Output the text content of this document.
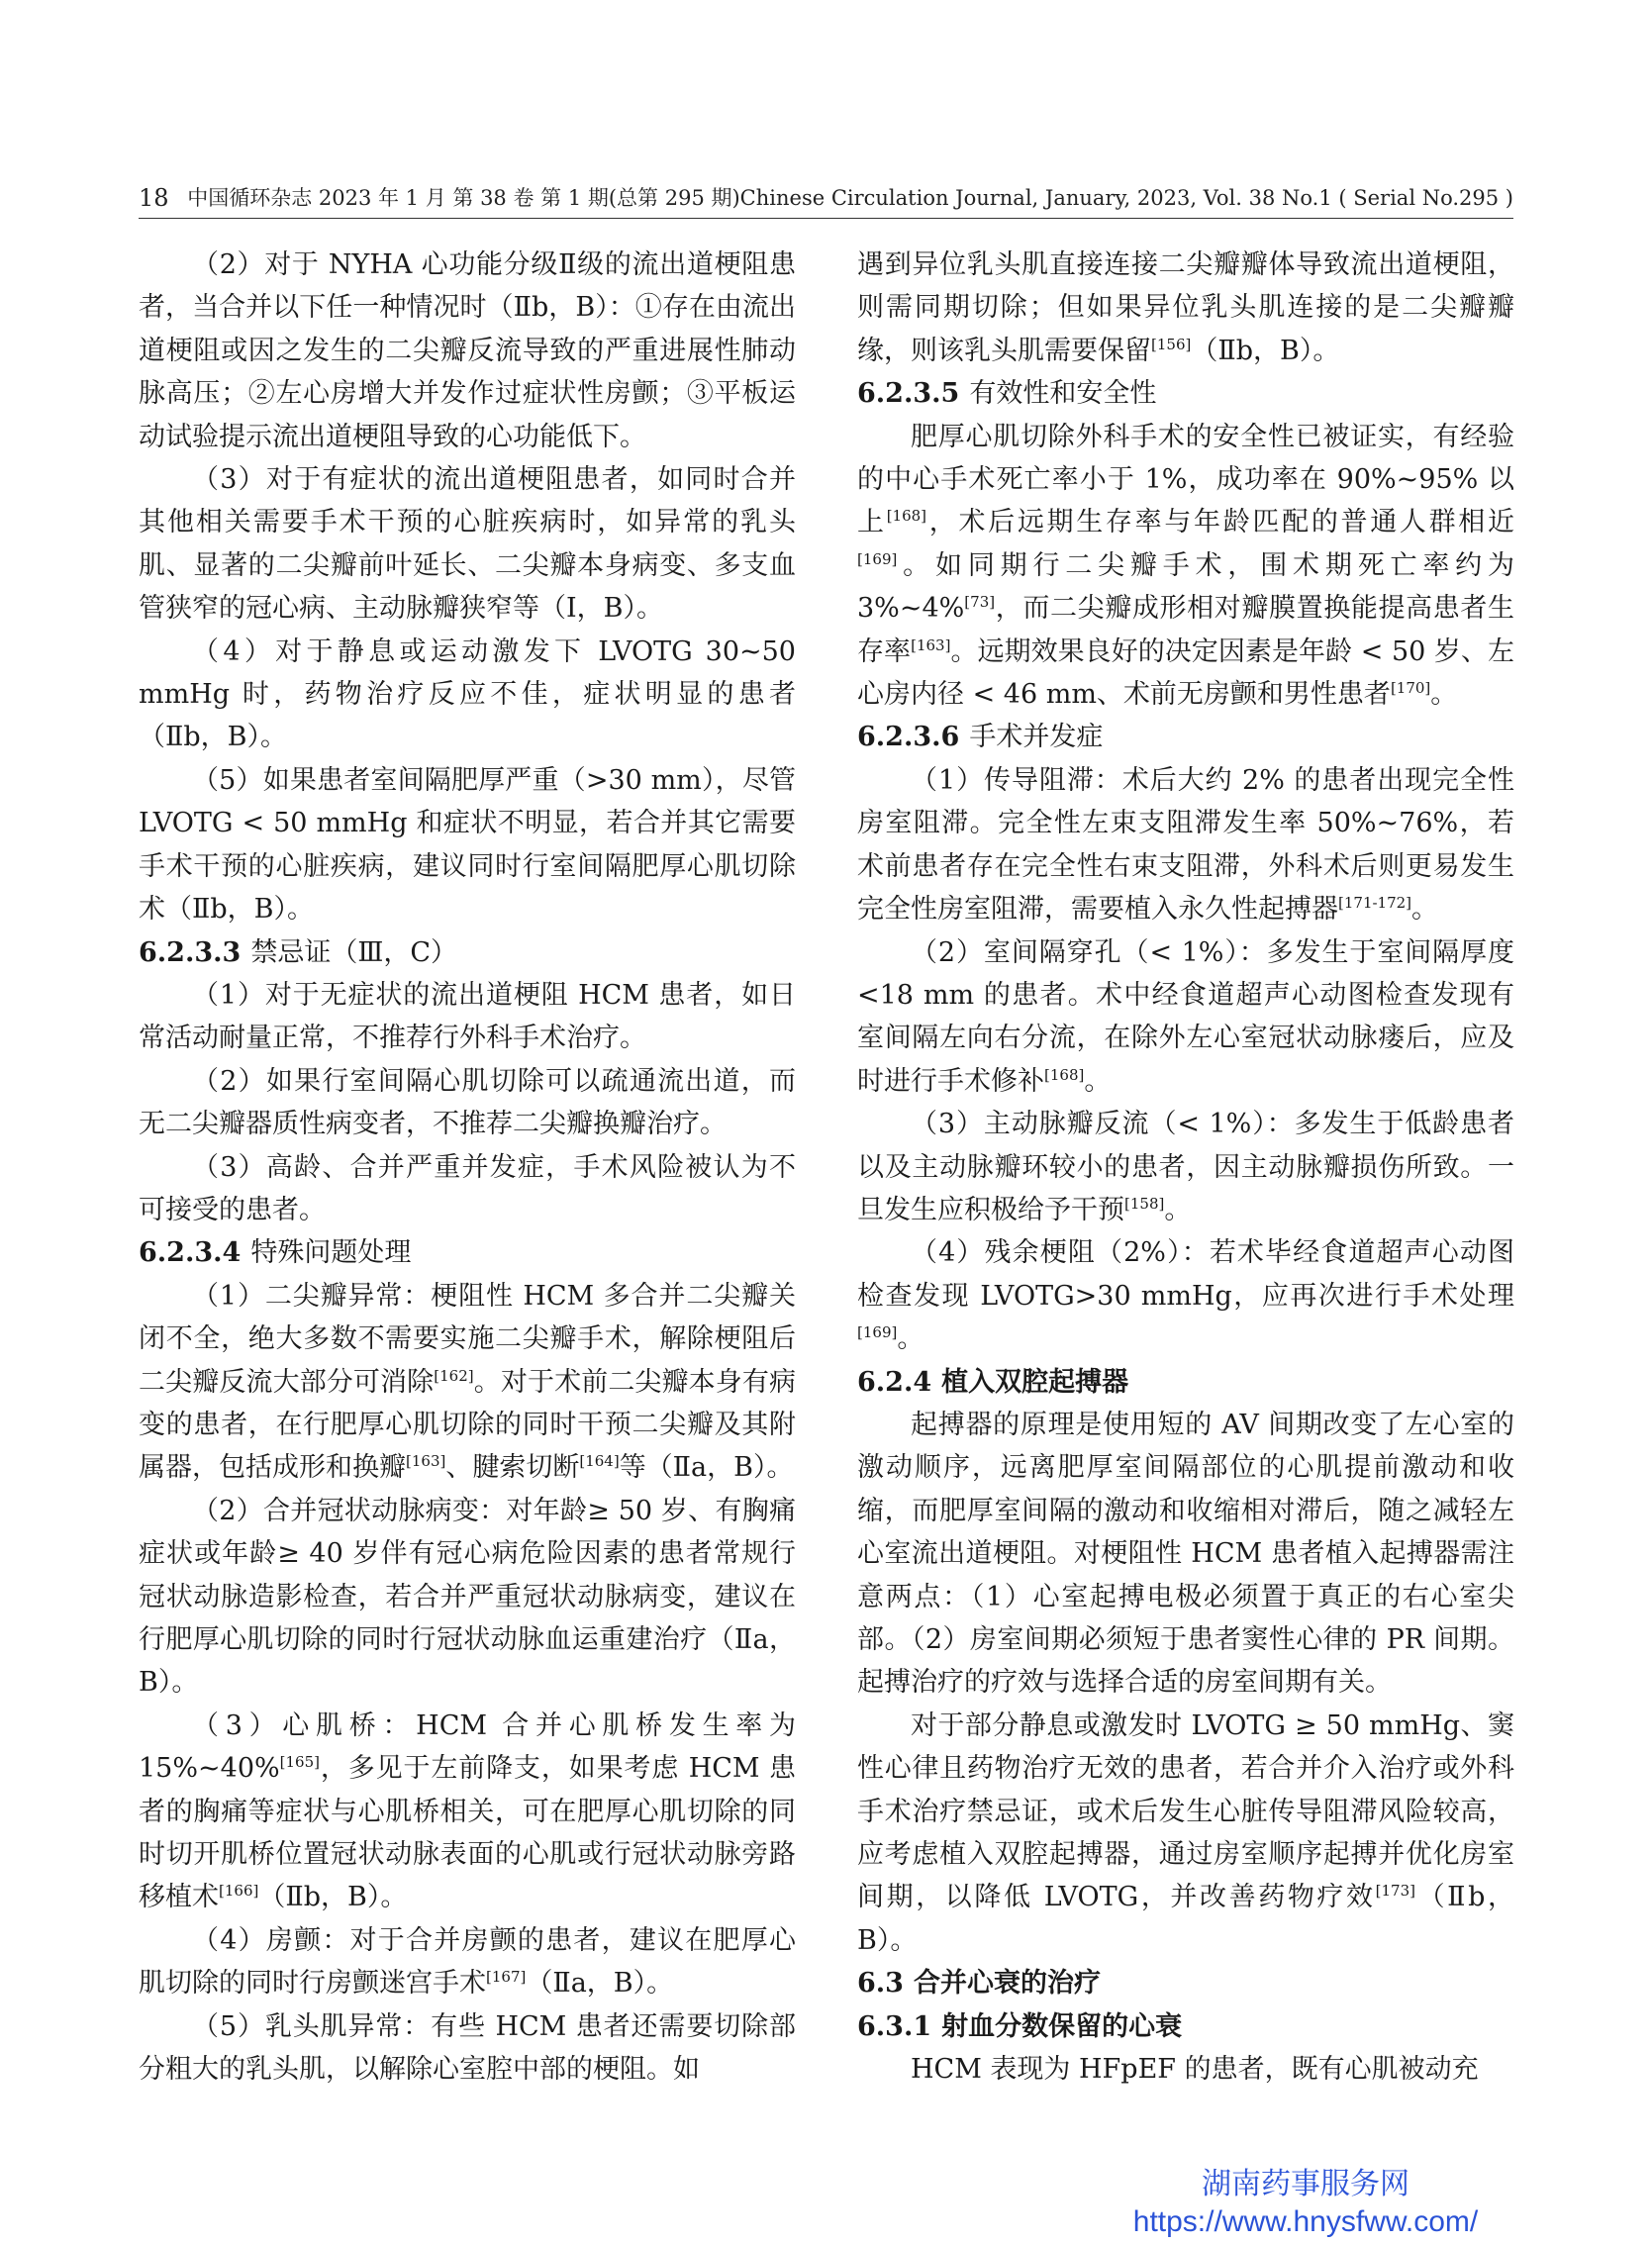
18 中国循环杂志 2023 年 1 月 第 38 卷 第 1 期(总第 295 期)Chinese Circulation Journal, January, 2023, Vol. 38 No.1 ( Serial No.295 )

（2）对于 NYHA 心功能分级Ⅱ级的流出道梗阻患者，当合并以下任一种情况时（Ⅱb，B）：①存在由流出道梗阻或因之发生的二尖瓣反流导致的严重进展性肺动脉高压；②左心房增大并发作过症状性房颤；③平板运动试验提示流出道梗阻导致的心功能低下。

（3）对于有症状的流出道梗阻患者，如同时合并其他相关需要手术干预的心脏疾病时，如异常的乳头肌、显著的二尖瓣前叶延长、二尖瓣本身病变、多支血管狭窄的冠心病、主动脉瓣狭窄等（Ⅰ，B）。

（4）对于静息或运动激发下 LVOTG 30~50 mmHg 时，药物治疗反应不佳，症状明显的患者（Ⅱb，B）。

（5）如果患者室间隔肥厚严重（>30 mm），尽管 LVOTG < 50 mmHg 和症状不明显，若合并其它需要手术干预的心脏疾病，建议同时行室间隔肥厚心肌切除术（Ⅱb，B）。

6.2.3.3 禁忌证（Ⅲ，C）

（1）对于无症状的流出道梗阻 HCM 患者，如日常活动耐量正常，不推荐行外科手术治疗。

（2）如果行室间隔心肌切除可以疏通流出道，而无二尖瓣器质性病变者，不推荐二尖瓣换瓣治疗。

（3）高龄、合并严重并发症，手术风险被认为不可接受的患者。

6.2.3.4 特殊问题处理

（1）二尖瓣异常：梗阻性 HCM 多合并二尖瓣关闭不全，绝大多数不需要实施二尖瓣手术，解除梗阻后二尖瓣反流大部分可消除[162]。对于术前二尖瓣本身有病变的患者，在行肥厚心肌切除的同时干预二尖瓣及其附属器，包括成形和换瓣[163]、腱索切断[164]等（Ⅱa，B）。

（2）合并冠状动脉病变：对年龄≥ 50 岁、有胸痛症状或年龄≥ 40 岁伴有冠心病危险因素的患者常规行冠状动脉造影检查，若合并严重冠状动脉病变，建议在行肥厚心肌切除的同时行冠状动脉血运重建治疗（Ⅱa，B）。

（3）心肌桥：HCM 合并心肌桥发生率为 15%~40%[165]，多见于左前降支，如果考虑 HCM 患者的胸痛等症状与心肌桥相关，可在肥厚心肌切除的同时切开肌桥位置冠状动脉表面的心肌或行冠状动脉旁路移植术[166]（Ⅱb，B）。

（4）房颤：对于合并房颤的患者，建议在肥厚心肌切除的同时行房颤迷宫手术[167]（Ⅱa，B）。

（5）乳头肌异常：有些 HCM 患者还需要切除部分粗大的乳头肌，以解除心室腔中部的梗阻。如

遇到异位乳头肌直接连接二尖瓣瓣体导致流出道梗阻，则需同期切除；但如果异位乳头肌连接的是二尖瓣瓣缘，则该乳头肌需要保留[156]（Ⅱb，B）。

6.2.3.5 有效性和安全性

肥厚心肌切除外科手术的安全性已被证实，有经验的中心手术死亡率小于 1%，成功率在 90%~95% 以上[168]，术后远期生存率与年龄匹配的普通人群相近[169]。如同期行二尖瓣手术，围术期死亡率约为 3%~4%[73]，而二尖瓣成形相对瓣膜置换能提高患者生存率[163]。远期效果良好的决定因素是年龄 < 50 岁、左心房内径 < 46 mm、术前无房颤和男性患者[170]。

6.2.3.6 手术并发症

（1）传导阻滞：术后大约 2% 的患者出现完全性房室阻滞。完全性左束支阻滞发生率 50%~76%，若术前患者存在完全性右束支阻滞，外科术后则更易发生完全性房室阻滞，需要植入永久性起搏器[171-172]。

（2）室间隔穿孔（< 1%）：多发生于室间隔厚度<18 mm 的患者。术中经食道超声心动图检查发现有室间隔左向右分流，在除外左心室冠状动脉瘘后，应及时进行手术修补[168]。

（3）主动脉瓣反流（< 1%）：多发生于低龄患者以及主动脉瓣环较小的患者，因主动脉瓣损伤所致。一旦发生应积极给予干预[158]。

（4）残余梗阻（2%）：若术毕经食道超声心动图检查发现 LVOTG>30 mmHg，应再次进行手术处理[169]。

6.2.4 植入双腔起搏器

起搏器的原理是使用短的 AV 间期改变了左心室的激动顺序，远离肥厚室间隔部位的心肌提前激动和收缩，而肥厚室间隔的激动和收缩相对滞后，随之减轻左心室流出道梗阻。对梗阻性 HCM 患者植入起搏器需注意两点：（1）心室起搏电极必须置于真正的右心室尖部。（2）房室间期必须短于患者窦性心律的 PR 间期。起搏治疗的疗效与选择合适的房室间期有关。

对于部分静息或激发时 LVOTG ≥ 50 mmHg、窦性心律且药物治疗无效的患者，若合并介入治疗或外科手术治疗禁忌证，或术后发生心脏传导阻滞风险较高，应考虑植入双腔起搏器，通过房室顺序起搏并优化房室间期，以降低 LVOTG，并改善药物疗效[173]（Ⅱb，B）。

6.3 合并心衰的治疗

6.3.1 射血分数保留的心衰

HCM 表现为 HFpEF 的患者，既有心肌被动充

湖南药事服务网
https://www.hnysfww.com/
